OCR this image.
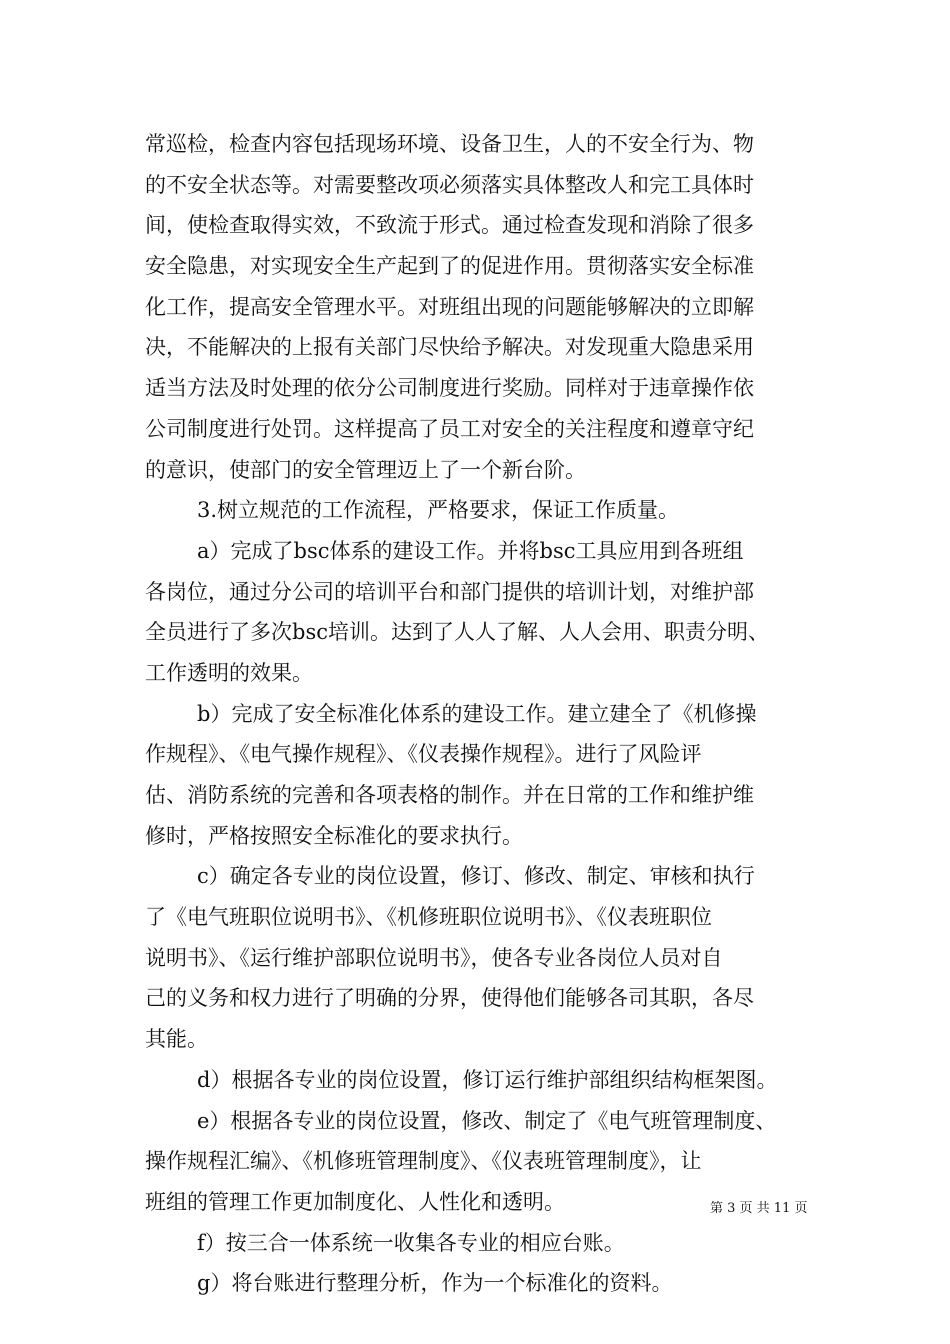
常巡检，检查内容包括现场环境、设备卫生，人的不安全行为、物
的不安全状态等。对需要整改项必须落实具体整改人和完工具体时
间，使检查取得实效，不致流于形式。通过检查发现和消除了很多
安全隐患，对实现安全生产起到了的促进作用。贯彻落实安全标准
化工作，提高安全管理水平。对班组出现的问题能够解决的立即解
决，不能解决的上报有关部门尽快给予解决。对发现重大隐患采用
适当方法及时处理的依分公司制度进行奖励。同样对于违章操作依
公司制度进行处罚。这样提高了员工对安全的关注程度和遵章守纪
的意识，使部门的安全管理迈上了一个新台阶。
3.树立规范的工作流程，严格要求，保证工作质量。
a）完成了bsc体系的建设工作。并将bsc工具应用到各班组
各岗位，通过分公司的培训平台和部门提供的培训计划，对维护部
全员进行了多次bsc培训。达到了人人了解、人人会用、职责分明、
工作透明的效果。
b）完成了安全标准化体系的建设工作。建立建全了《机修操
作规程》、《电气操作规程》、《仪表操作规程》。进行了风险评
估、消防系统的完善和各项表格的制作。并在日常的工作和维护维
修时，严格按照安全标准化的要求执行。
c）确定各专业的岗位设置，修订、修改、制定、审核和执行
了《电气班职位说明书》、《机修班职位说明书》、《仪表班职位
说明书》、《运行维护部职位说明书》，使各专业各岗位人员对自
己的义务和权力进行了明确的分界，使得他们能够各司其职，各尽
其能。
d）根据各专业的岗位设置，修订运行维护部组织结构框架图。
e）根据各专业的岗位设置，修改、制定了《电气班管理制度、
操作规程汇编》、《机修班管理制度》、《仪表班管理制度》，让
班组的管理工作更加制度化、人性化和透明。
f）按三合一体系统一收集各专业的相应台账。
g）将台账进行整理分析，作为一个标准化的资料。
第 3 页 共 11 页
